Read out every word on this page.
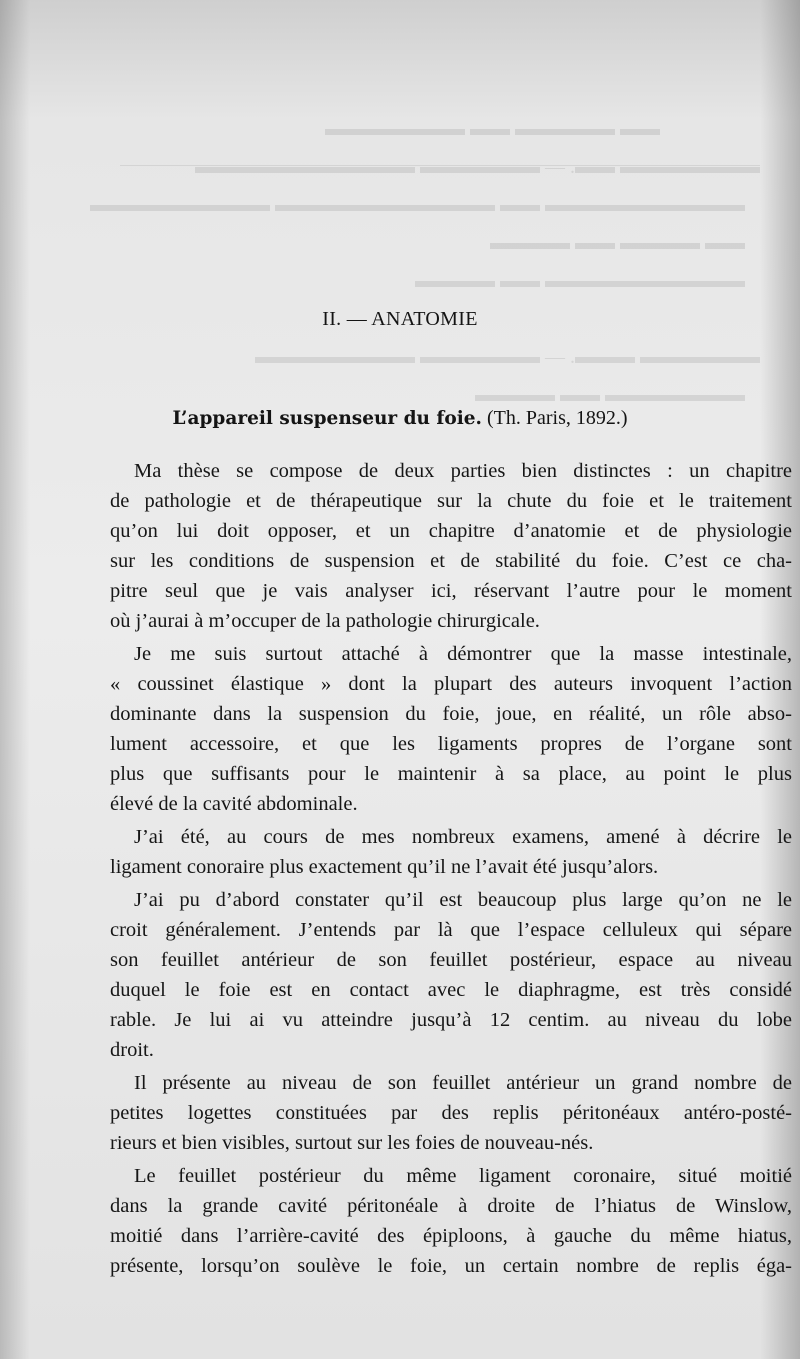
▬▬ ▬▬▬▬▬ ▬▬ ▬▬▬▬▬▬▬
▬▬▬▬▬▬▬ ▬▬. — ▬▬▬▬▬▬ ▬▬▬▬▬▬▬▬▬▬▬
▬▬▬▬▬▬▬▬▬▬ ▬▬ ▬▬▬▬▬▬▬▬▬▬▬ ▬▬▬▬▬▬▬▬▬
▬▬ ▬▬▬▬ ▬▬ ▬▬▬▬
▬▬▬▬▬▬▬▬▬▬ ▬▬ ▬▬▬▬

▬▬▬▬▬▬ ▬▬▬. — ▬▬▬▬▬▬ ▬▬▬▬▬▬▬▬
▬▬▬▬▬▬▬ ▬▬ ▬▬▬▬
II. — ANATOMIE
L’appareil suspenseur du foie. (Th. Paris, 1892.)
Ma thèse se compose de deux parties bien distinctes : un chapitre
de pathologie et de thérapeutique sur la chute du foie et le traitement
qu’on lui doit opposer, et un chapitre d’anatomie et de physiologie
sur les conditions de suspension et de stabilité du foie. C’est ce cha-
pitre seul que je vais analyser ici, réservant l’autre pour le moment
où j’aurai à m’occuper de la pathologie chirurgicale.
Je me suis surtout attaché à démontrer que la masse intestinale,
« coussinet élastique » dont la plupart des auteurs invoquent l’action
dominante dans la suspension du foie, joue, en réalité, un rôle abso-
lument accessoire, et que les ligaments propres de l’organe sont
plus que suffisants pour le maintenir à sa place, au point le plus
élevé de la cavité abdominale.
J’ai été, au cours de mes nombreux examens, amené à décrire le
ligament conoraire plus exactement qu’il ne l’avait été jusqu’alors.
J’ai pu d’abord constater qu’il est beaucoup plus large qu’on ne le
croit généralement. J’entends par là que l’espace celluleux qui sépare
son feuillet antérieur de son feuillet postérieur, espace au niveau
duquel le foie est en contact avec le diaphragme, est très considé
rable. Je lui ai vu atteindre jusqu’à 12 centim. au niveau du lobe
droit.
Il présente au niveau de son feuillet antérieur un grand nombre de
petites logettes constituées par des replis péritonéaux antéro-posté-
rieurs et bien visibles, surtout sur les foies de nouveau-nés.
Le feuillet postérieur du même ligament coronaire, situé moitié
dans la grande cavité péritonéale à droite de l’hiatus de Winslow,
moitié dans l’arrière-cavité des épiploons, à gauche du même hiatus,
présente, lorsqu’on soulève le foie, un certain nombre de replis éga-
